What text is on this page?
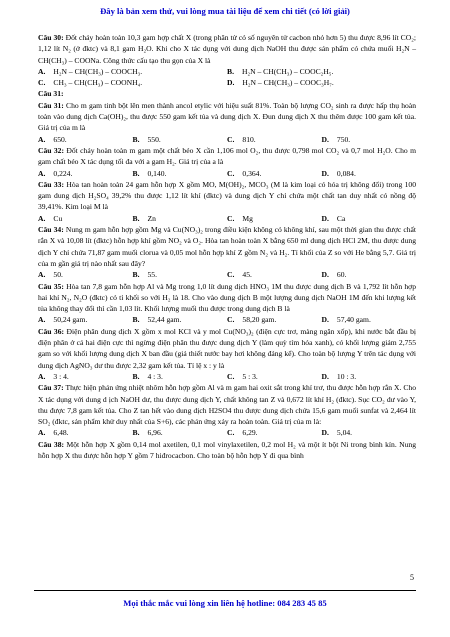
Đây là bản xem thử, vui lòng mua tài liệu để xem chi tiết (có lời giải)

Câu 30: Đốt cháy hoàn toàn 10,3 gam hợp chất X (trong phân tử có số nguyên tử cacbon nhỏ hơn 5) thu được 8,96 lít CO₂; 1,12 lít N₂ (ở đktc) và 8,1 gam H₂O. Khi cho X tác dụng với dung dịch NaOH thu được sản phẩm có chứa muối H₂N – CH(CH₃) – COONa. Công thức cấu tạo thu gọn của X là

A. H₂N – CH(CH₃) – COOCH₃.	B. H₂N – CH(CH₃) – COOC₂H₅.
C. CH₃ – CH(CH₃) – COONH₄.	D. H₂N – CH(CH₃) – COOC₃H₇.

Câu 31:

Câu 31: Cho m gam tinh bột lên men thành ancol etylic với hiệu suất 81%. Toàn bộ lượng CO₂ sinh ra được hấp thụ hoàn toàn vào dung dịch Ca(OH)₂, thu được 550 gam kết tủa và dung dịch X. Đun dung dịch X thu thêm được 100 gam kết tủa. Giá trị của m là

A. 650.	B. 550.	C. 810.	D. 750.

Câu 32: Đốt cháy hoàn toàn m gam một chất béo X cần 1,106 mol O₂, thu được 0,798 mol CO₂ và 0,7 mol H₂O. Cho m gam chất béo X tác dụng tối đa với a gam H₂. Giá trị của a là

A. 0,224.	B. 0,140.	C. 0,364.	D. 0,084.

Câu 33: Hòa tan hoàn toàn 24 gam hỗn hợp X gồm MO, M(OH)₂, MCO₃ (M là kim loại có hóa trị không đổi) trong 100 gam dung dịch H₂SO₄ 39,2% thu được 1,12 lít khí (đktc) và dung dịch Y chỉ chứa một chất tan duy nhất có nồng độ 39,41%. Kim loại M là

A. Cu	B. Zn	C. Mg	D. Ca

Câu 34: Nung m gam hỗn hợp gồm Mg và Cu(NO₃)₂ trong điều kiện không có không khí, sau một thời gian thu được chất rắn X và 10,08 lít (đktc) hỗn hợp khí gồm NO₂ và O₂. Hòa tan hoàn toàn X bằng 650 ml dung dịch HCl 2M, thu được dung dịch Y chỉ chứa 71,87 gam muối clorua và 0,05 mol hỗn hợp khí Z gồm N₂ và H₂. Tỉ khối của Z so với He bằng 5,7. Giá trị của m gần giá trị nào nhất sau đây?

A. 50.	B. 55.	C. 45.	D. 60.

Câu 35: Hòa tan 7,8 gam hỗn hợp Al và Mg trong 1,0 lít dung dịch HNO₃ 1M thu được dung dịch B và 1,792 lít hỗn hợp hai khí N₂, N₂O (đktc) có tỉ khối so với H₂ là 18. Cho vào dung dịch B một lượng dung dịch NaOH 1M đến khi lượng kết tủa không thay đổi thì cần 1,03 lít. Khối lượng muối thu được trong dung dịch B là

A. 50,24 gam.	B. 52,44 gam.	C. 58,20 gam.	D. 57,40 gam.

Câu 36: Điện phân dung dịch X gồm x mol KCl và y mol Cu(NO₃)₂ (điện cực trơ, màng ngăn xốp), khi nước bắt đầu bị điện phân ở cả hai điện cực thì ngừng điện phân thu được dung dịch Y (làm quỳ tím hóa xanh), có khối lượng giảm 2,755 gam so với khối lượng dung dịch X ban đầu (giả thiết nước bay hơi không đáng kể). Cho toàn bộ lượng Y trên tác dụng với dung dịch AgNO₃ dư thu được 2,32 gam kết tủa. Tỉ lệ x : y là

A. 3 : 4.	B. 4 : 3.	C. 5 : 3.	D. 10 : 3.

Câu 37: Thực hiện phản ứng nhiệt nhôm hỗn hợp gồm Al và m gam hai oxit sắt trong khí trơ, thu được hỗn hợp rắn X. Cho X tác dụng với dung d ịch NaOH dư, thu được dung dịch Y, chất không tan Z và 0,672 lít khí H₂ (đktc). Sục CO₂ dư vào Y, thu được 7,8 gam kết tủa. Cho Z tan hết vào dung dịch H2SO4 thu được dung dịch chứa 15,6 gam muối sunfat và 2,464 lít SO₂ (đktc, sản phẩm khử duy nhất của S+6), các phản ứng xảy ra hoàn toàn. Giá trị của m là:

A. 6,48.	B. 6,96.	C. 6,29.	D. 5,04.

Câu 38: Một hỗn hợp X gồm 0,14 mol axetilen, 0,1 mol vinylaxetilen, 0,2 mol H₂ và một ít bột Ni trong bình kín. Nung hỗn hợp X thu được hỗn hợp Y gồm 7 hiđrocacbon. Cho toàn bộ hỗn hợp Y đi qua bình

5
Mọi thắc mắc vui lòng xin liên hệ hotline: 084 283 45 85
